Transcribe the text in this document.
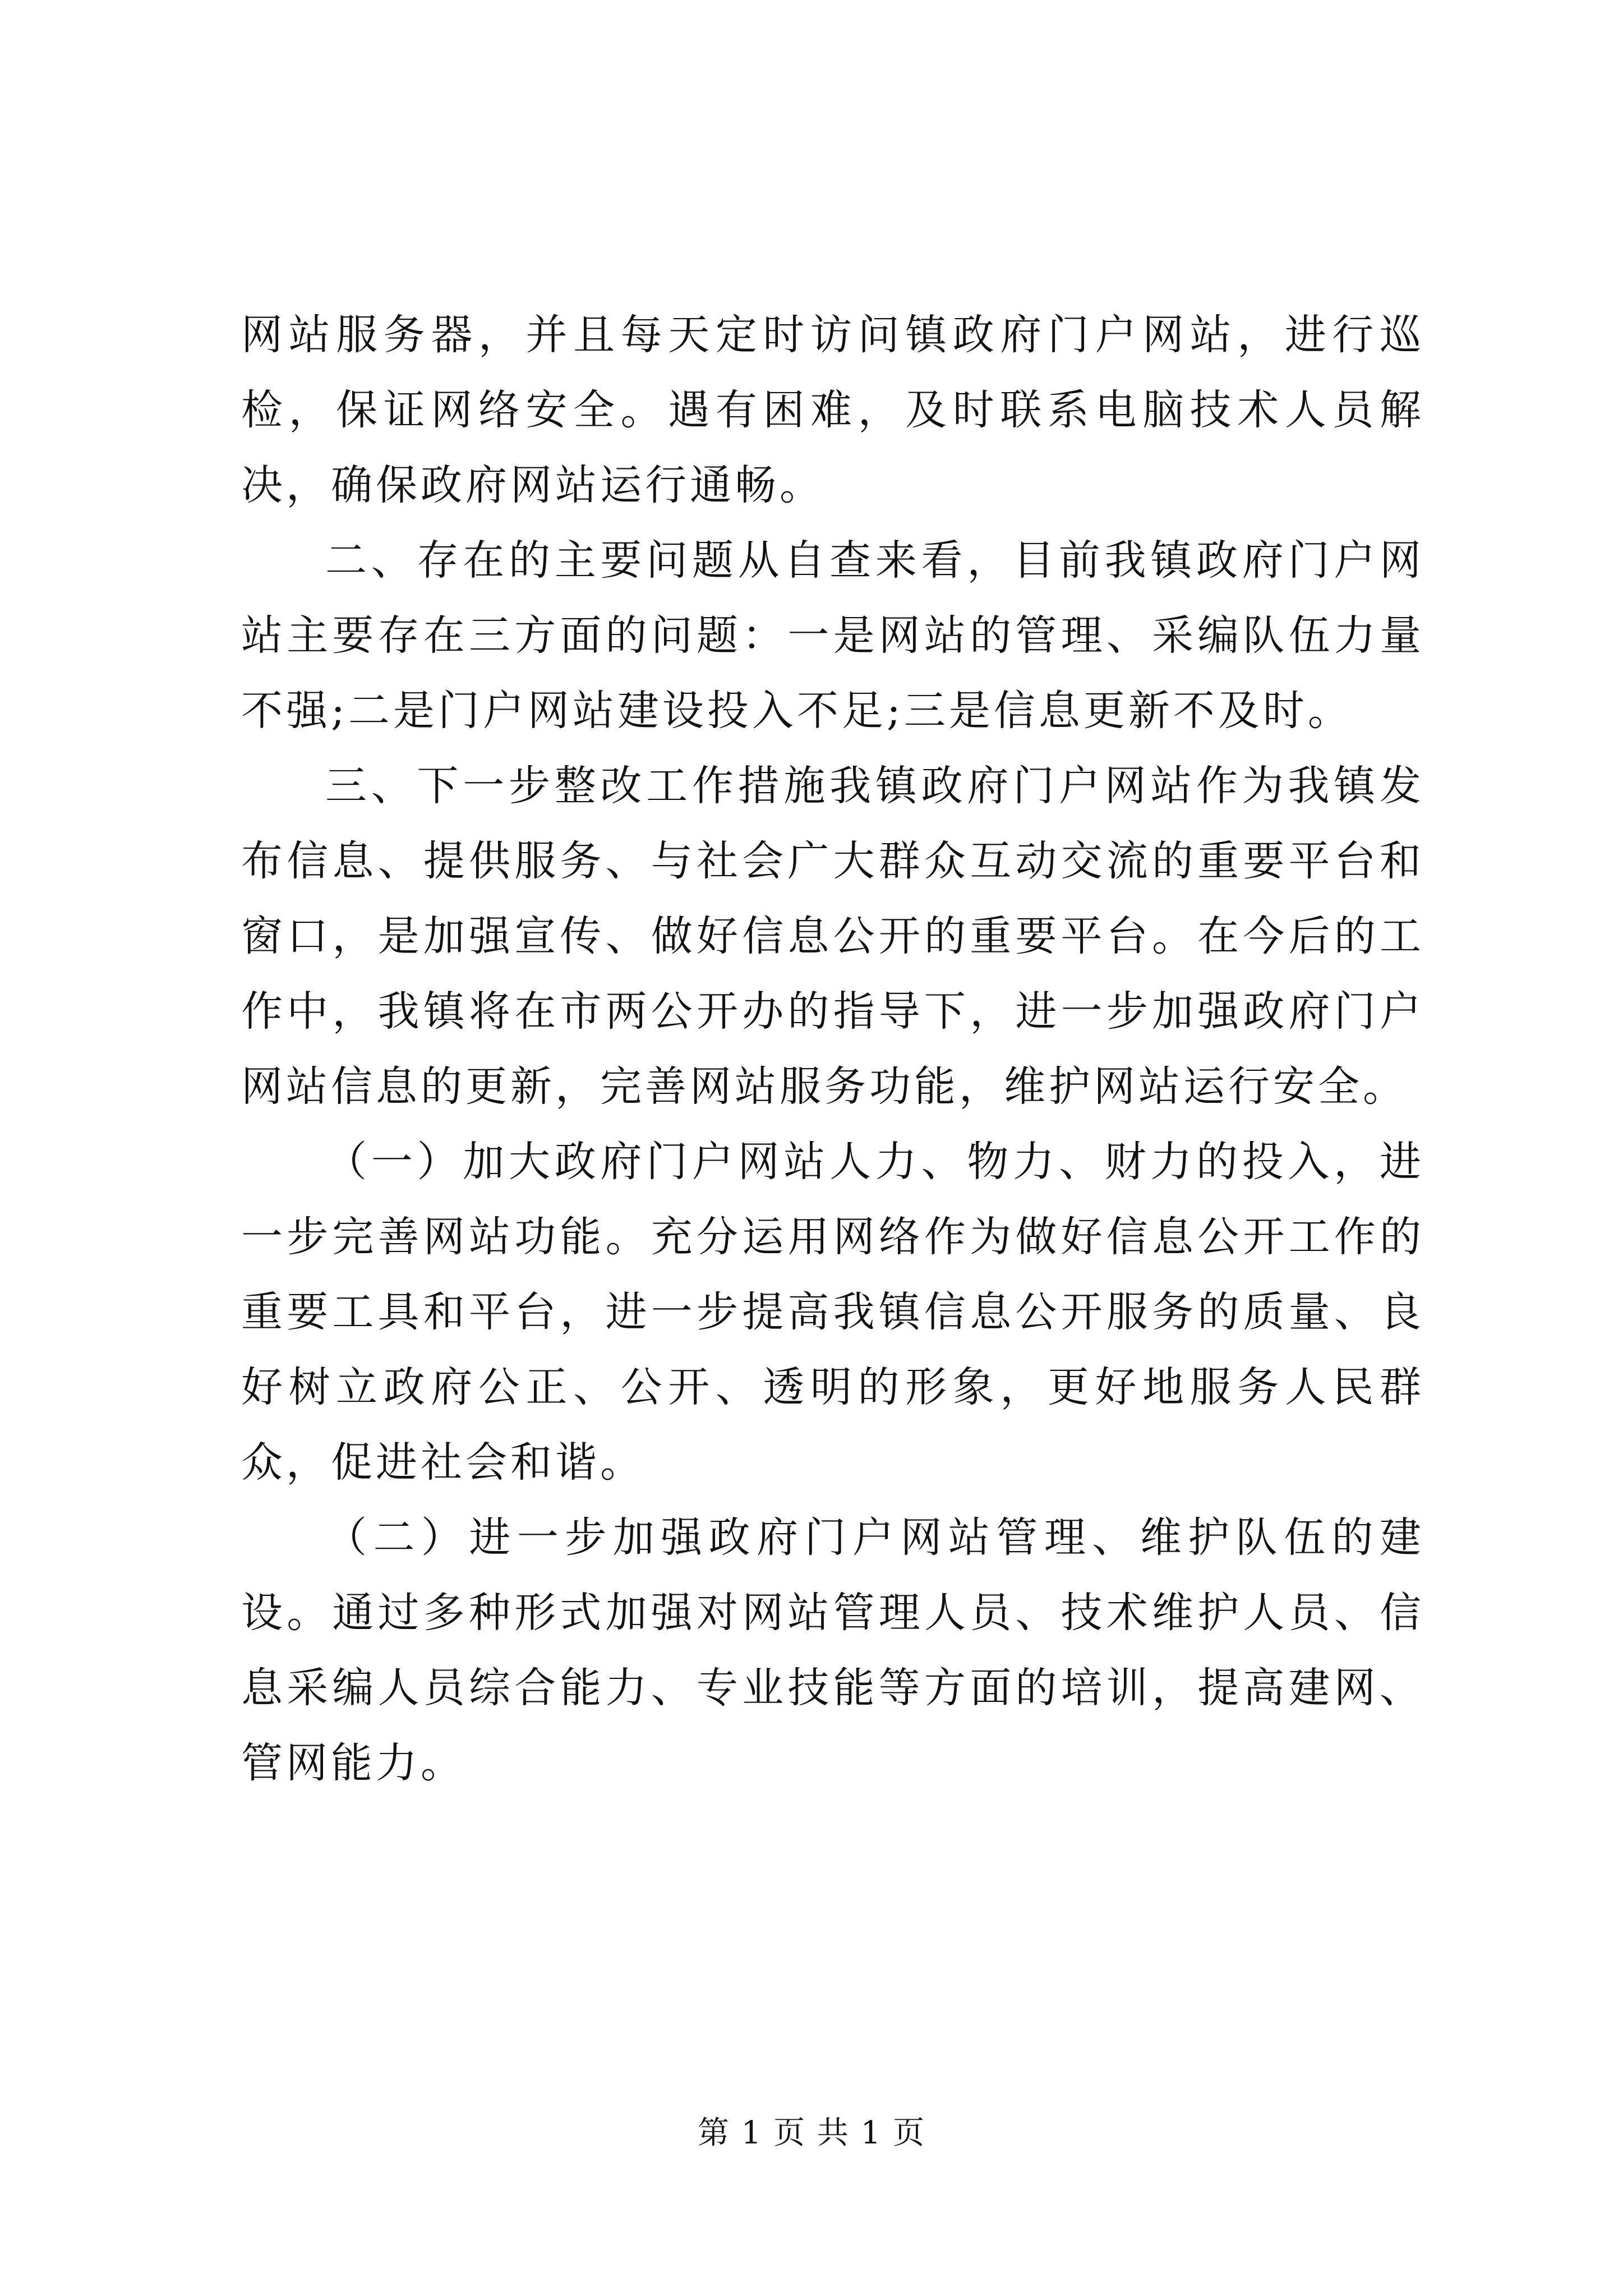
网站服务器，并且每天定时访问镇政府门户网站，进行巡检，保证网络安全。遇有困难，及时联系电脑技术人员解决，确保政府网站运行通畅。

二、存在的主要问题从自查来看，目前我镇政府门户网站主要存在三方面的问题：一是网站的管理、采编队伍力量不强;二是门户网站建设投入不足;三是信息更新不及时。

三、下一步整改工作措施我镇政府门户网站作为我镇发布信息、提供服务、与社会广大群众互动交流的重要平台和窗口，是加强宣传、做好信息公开的重要平台。在今后的工作中，我镇将在市两公开办的指导下，进一步加强政府门户网站信息的更新，完善网站服务功能，维护网站运行安全。

（一）加大政府门户网站人力、物力、财力的投入，进一步完善网站功能。充分运用网络作为做好信息公开工作的重要工具和平台，进一步提高我镇信息公开服务的质量、良好树立政府公正、公开、透明的形象，更好地服务人民群众，促进社会和谐。

（二）进一步加强政府门户网站管理、维护队伍的建设。通过多种形式加强对网站管理人员、技术维护人员、信息采编人员综合能力、专业技能等方面的培训，提高建网、管网能力。

第 1 页 共 1 页
